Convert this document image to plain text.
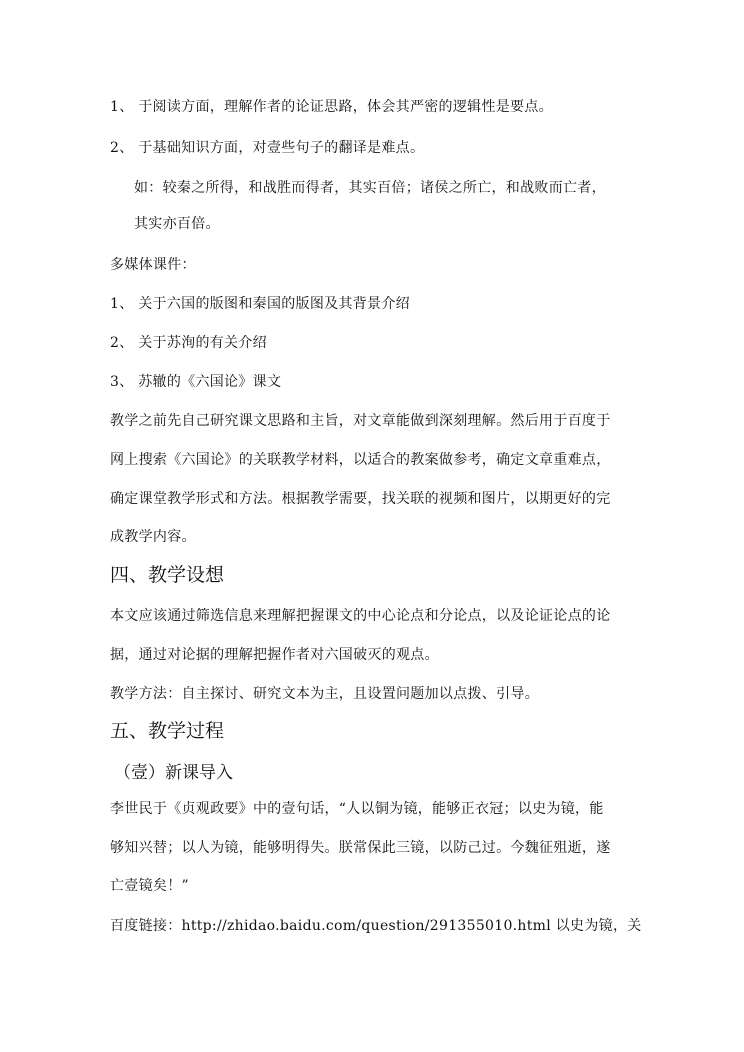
1、 于阅读方面，理解作者的论证思路，体会其严密的逻辑性是要点。
2、 于基础知识方面，对壹些句子的翻译是难点。
如：较秦之所得，和战胜而得者，其实百倍；诸侯之所亡，和战败而亡者，
其实亦百倍。
多媒体课件：
1、 关于六国的版图和秦国的版图及其背景介绍
2、 关于苏洵的有关介绍
3、 苏辙的《六国论》课文
教学之前先自己研究课文思路和主旨，对文章能做到深刻理解。然后用于百度于
网上搜索《六国论》的关联教学材料，以适合的教案做参考，确定文章重难点，
确定课堂教学形式和方法。根据教学需要，找关联的视频和图片，以期更好的完
成教学内容。
四、教学设想
本文应该通过筛选信息来理解把握课文的中心论点和分论点，以及论证论点的论
据，通过对论据的理解把握作者对六国破灭的观点。
教学方法：自主探讨、研究文本为主，且设置问题加以点拨、引导。
五、教学过程
（壹）新课导入
李世民于《贞观政要》中的壹句话，“人以铜为镜，能够正衣冠；以史为镜，能
够知兴替；以人为镜，能够明得失。朕常保此三镜，以防己过。今魏征殂逝，遂
亡壹镜矣！”
百度链接：http://zhidao.baidu.com/question/291355010.html 以史为镜，关
